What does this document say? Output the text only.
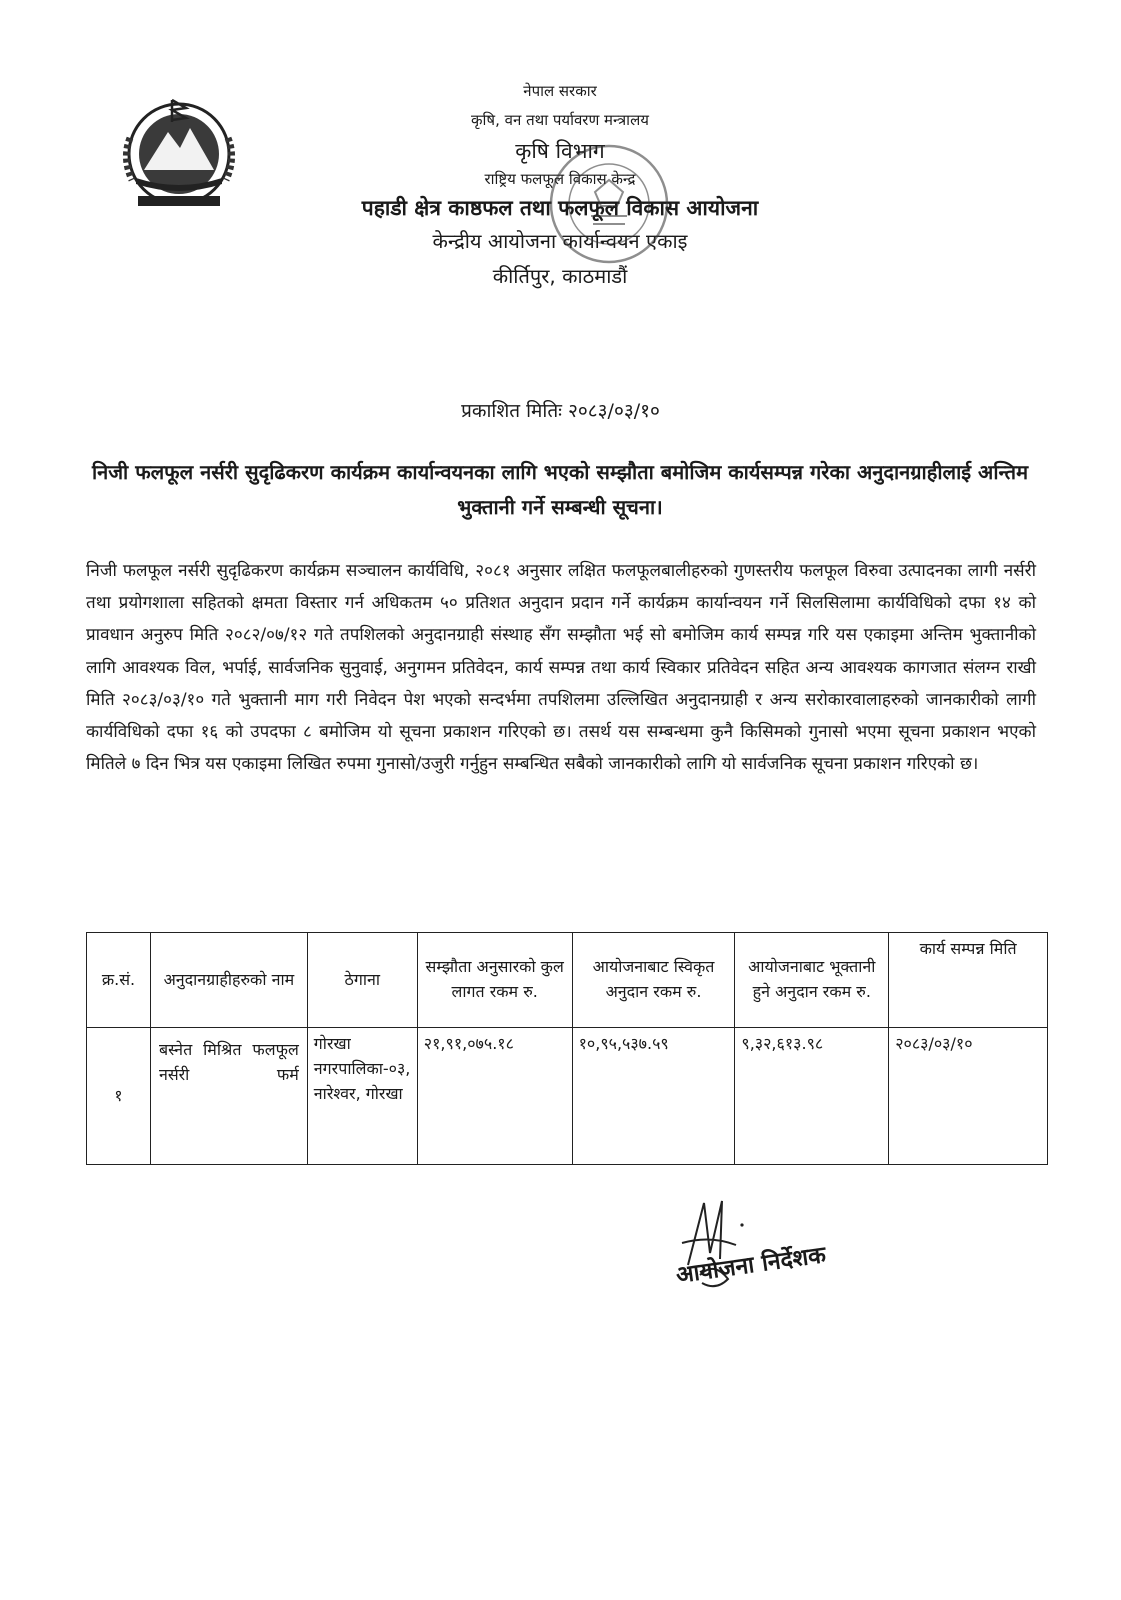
नेपाल सरकार
कृषि, वन तथा पर्यावरण मन्त्रालय
कृषि विभाग
राष्ट्रिय फलफूल विकास केन्द्र
पहाडी क्षेत्र काष्ठफल तथा फलफूल विकास आयोजना
केन्द्रीय आयोजना कार्यान्वयन एकाइ
कीर्तिपुर, काठमाडौं
प्रकाशित मितिः २०८३/०३/१०
निजी फलफूल नर्सरी सुदृढिकरण कार्यक्रम कार्यान्वयनका लागि भएको सम्झौता बमोजिम कार्यसम्पन्न गरेका अनुदानग्राहीलाई अन्तिम भुक्तानी गर्ने सम्बन्धी सूचना।
निजी फलफूल नर्सरी सुदृढिकरण कार्यक्रम सञ्चालन कार्यविधि, २०८१ अनुसार लक्षित फलफूलबालीहरुको गुणस्तरीय फलफूल विरुवा उत्पादनका लागी नर्सरी तथा प्रयोगशाला सहितको क्षमता विस्तार गर्न अधिकतम ५० प्रतिशत अनुदान प्रदान गर्ने कार्यक्रम कार्यान्वयन गर्ने सिलसिलामा कार्यविधिको दफा १४ को प्रावधान अनुरुप मिति २०८२/०७/१२ गते तपशिलको अनुदानग्राही संस्थाह सँग सम्झौता भई सो बमोजिम कार्य सम्पन्न गरि यस एकाइमा अन्तिम भुक्तानीको लागि आवश्यक विल, भर्पाई, सार्वजनिक सुनुवाई, अनुगमन प्रतिवेदन, कार्य सम्पन्न तथा कार्य स्विकार प्रतिवेदन सहित अन्य आवश्यक कागजात संलग्न राखी मिति २०८३/०३/१० गते भुक्तानी माग गरी निवेदन पेश भएको सन्दर्भमा तपशिलमा उल्लिखित अनुदानग्राही र अन्य सरोकारवालाहरुको जानकारीको लागी कार्यविधिको दफा १६ को उपदफा ८ बमोजिम यो सूचना प्रकाशन गरिएको छ। तसर्थ यस सम्बन्धमा कुनै किसिमको गुनासो भएमा सूचना प्रकाशन भएको मितिले ७ दिन भित्र यस एकाइमा लिखित रुपमा गुनासो/उजुरी गर्नुहुन सम्बन्धित सबैको जानकारीको लागि यो सार्वजनिक सूचना प्रकाशन गरिएको छ।
क्र.सं.	अनुदानग्राहीहरुको नाम	ठेगाना	सम्झौता अनुसारको कुल लागत रकम रु.	आयोजनाबाट स्विकृत अनुदान रकम रु.	आयोजनाबाट भूक्तानी हुने अनुदान रकम रु.	कार्य सम्पन्न मिति
१	बस्नेत मिश्रित फलफूल नर्सरी फर्म	गोरखा नगरपालिका-०३, नारेश्वर, गोरखा	२१,९१,०७५.१८	१०,९५,५३७.५९	९,३२,६१३.९८	२०८३/०३/१०
आयोजना निर्देशक
